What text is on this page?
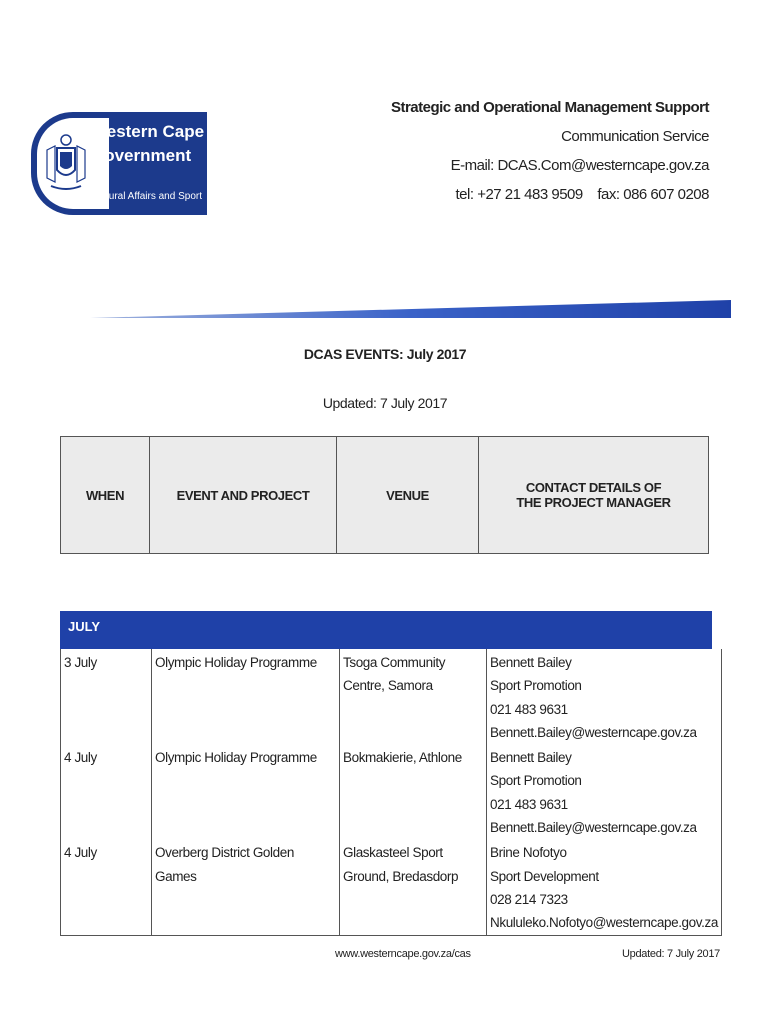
Western Cape
Government
Cultural Affairs and Sport
Strategic and Operational Management Support
Communication Service
E-mail: DCAS.Com@westerncape.gov.za
tel: +27 21 483 9509    fax: 086 607 0208
DCAS EVENTS: July 2017
Updated: 7 July 2017
WHEN	EVENT AND PROJECT	VENUE	CONTACT DETAILS OF
THE PROJECT MANAGER
JULY
3 July	Olympic Holiday Programme	Tsoga Community Centre, Samora	Bennett Bailey
Sport Promotion
021 483 9631
Bennett.Bailey@westerncape.gov.za

4 July	Olympic Holiday Programme	Bokmakierie, Athlone	Bennett Bailey
Sport Promotion
021 483 9631
Bennett.Bailey@westerncape.gov.za

4 July	Overberg District Golden Games	Glaskasteel Sport Ground, Bredasdorp	Brine Nofotyo
Sport Development
028 214 7323
Nkululeko.Nofotyo@westerncape.gov.za
www.westerncape.gov.za/cas	Updated: 7 July 2017
